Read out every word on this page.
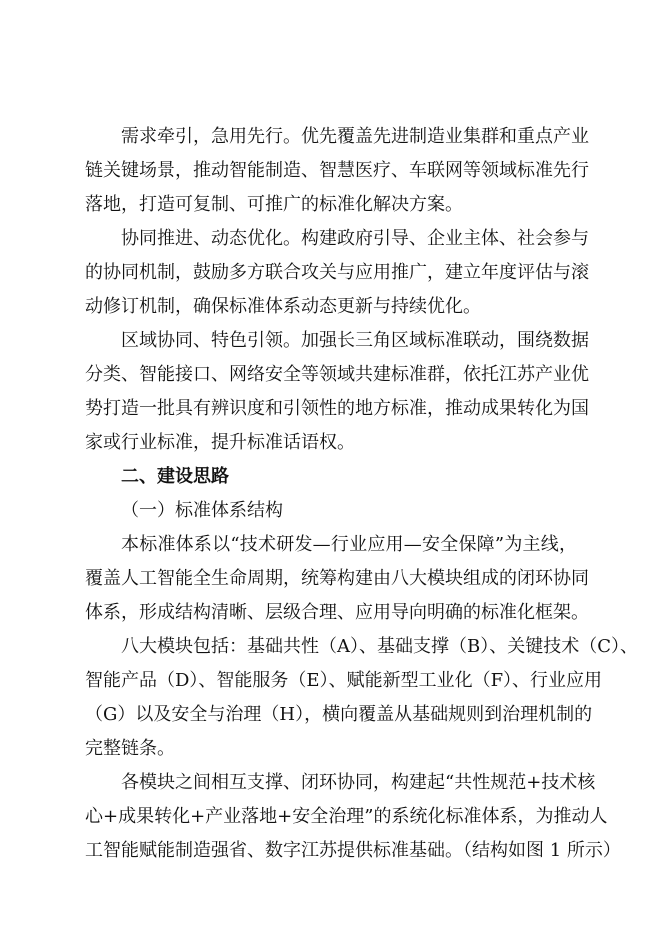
需求牵引，急用先行。优先覆盖先进制造业集群和重点产业
链关键场景，推动智能制造、智慧医疗、车联网等领域标准先行
落地，打造可复制、可推广的标准化解决方案。
协同推进、动态优化。构建政府引导、企业主体、社会参与
的协同机制，鼓励多方联合攻关与应用推广，建立年度评估与滚
动修订机制，确保标准体系动态更新与持续优化。
区域协同、特色引领。加强长三角区域标准联动，围绕数据
分类、智能接口、网络安全等领域共建标准群，依托江苏产业优
势打造一批具有辨识度和引领性的地方标准，推动成果转化为国
家或行业标准，提升标准话语权。
二、建设思路
（一）标准体系结构
本标准体系以“技术研发—行业应用—安全保障”为主线，
覆盖人工智能全生命周期，统筹构建由八大模块组成的闭环协同
体系，形成结构清晰、层级合理、应用导向明确的标准化框架。
八大模块包括：基础共性（A）、基础支撑（B）、关键技术（C）、
智能产品（D）、智能服务（E）、赋能新型工业化（F）、行业应用
（G）以及安全与治理（H），横向覆盖从基础规则到治理机制的
完整链条。
各模块之间相互支撑、闭环协同，构建起“共性规范+技术核
心+成果转化+产业落地+安全治理”的系统化标准体系，为推动人
工智能赋能制造强省、数字江苏提供标准基础。（结构如图 1 所示）
